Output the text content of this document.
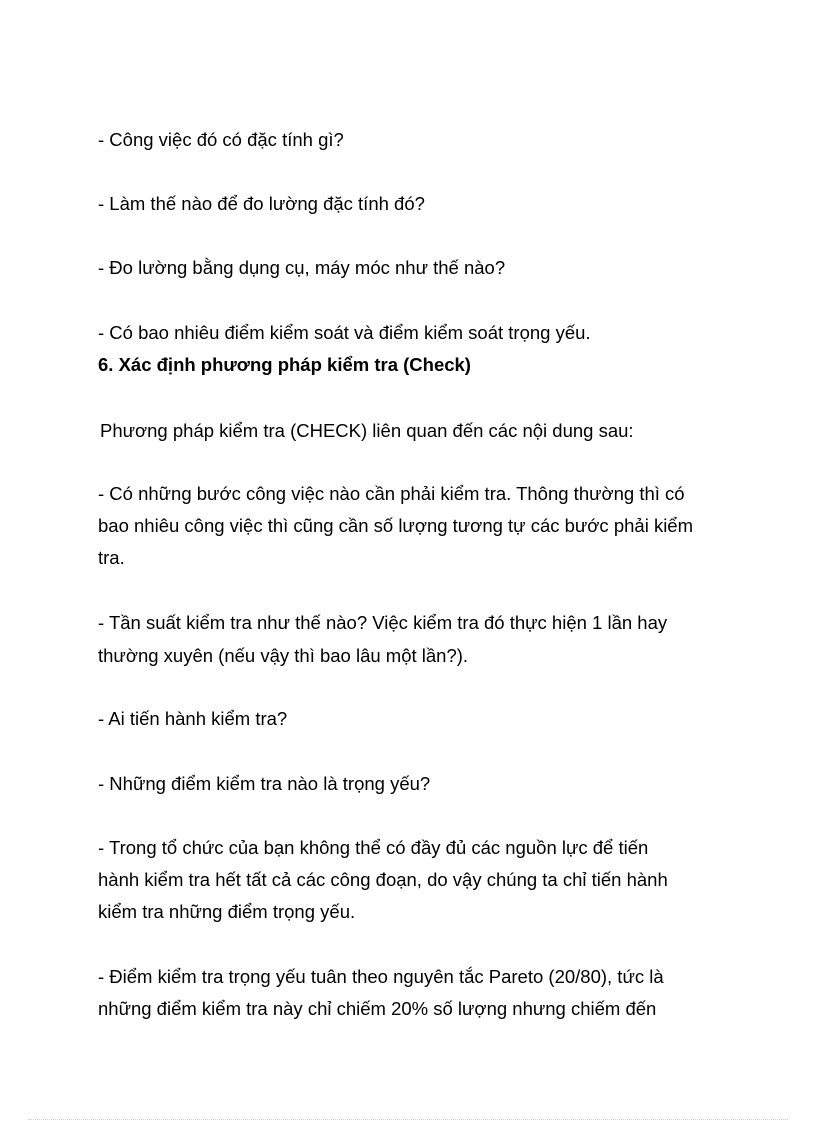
- Công việc đó có đặc tính gì?
- Làm thế nào để đo lường đặc tính đó?
- Đo lường bằng dụng cụ, máy móc như thế nào?
- Có bao nhiêu điểm kiểm soát và điểm kiểm soát trọng yếu.
6. Xác định phương pháp kiểm tra (Check)
Phương pháp kiểm tra (CHECK) liên quan đến các nội dung sau:
- Có những bước công việc nào cần phải kiểm tra. Thông thường thì có
bao nhiêu công việc thì cũng cần số lượng tương tự các bước phải kiểm
tra.
- Tần suất kiểm tra như thế nào? Việc kiểm tra đó thực hiện 1 lần hay
thường xuyên (nếu vậy thì bao lâu một lần?).
- Ai tiến hành kiểm tra?
- Những điểm kiểm tra nào là trọng yếu?
- Trong tổ chức của bạn không thể có đầy đủ các nguồn lực để tiến
hành kiểm tra hết tất cả các công đoạn, do vậy chúng ta chỉ tiến hành
kiểm tra những điểm trọng yếu.
- Điểm kiểm tra trọng yếu tuân theo nguyên tắc Pareto (20/80), tức là
những điểm kiểm tra này chỉ chiếm 20% số lượng nhưng chiếm đến
